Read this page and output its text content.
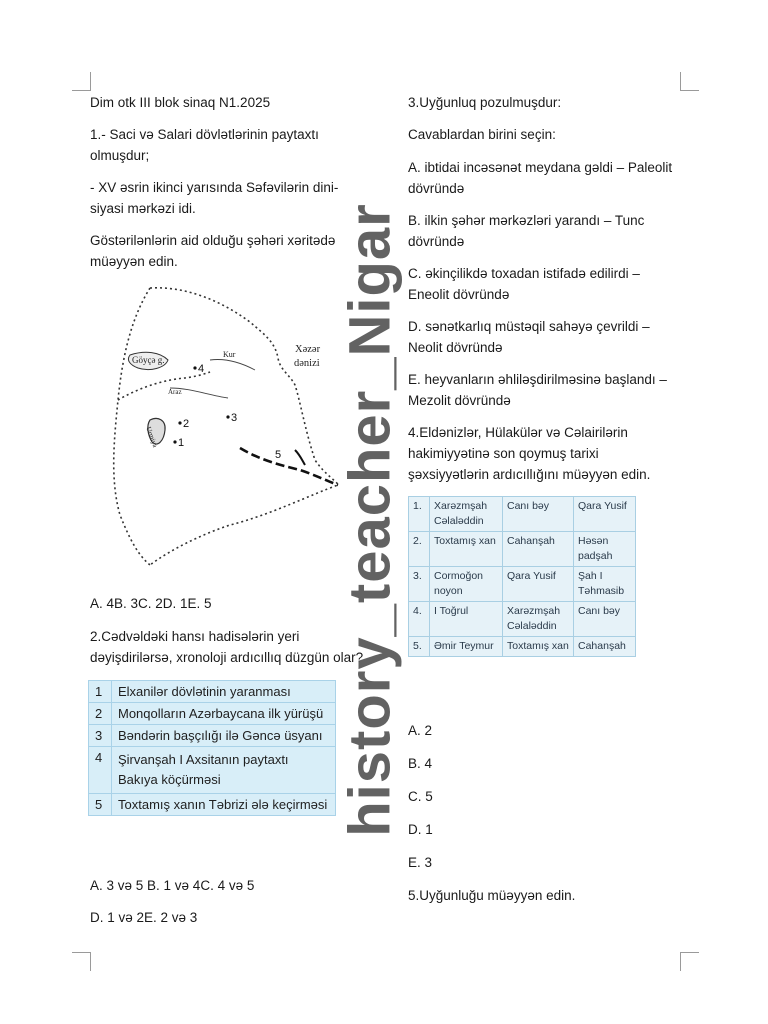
Dim otk III blok sinaq N1.2025
1.- Saci və Salari dövlətlərinin paytaxtı
olmuşdur;
- XV əsrin ikinci yarısında Səfəvilərin dini-
siyasi mərkəzi idi.
Göstərilənlərin aid olduğu şəhəri xəritədə
müəyyən edin.
Göyçə g.
Kur
Araz
Urmiya
Xəzər
dənizi
4
3
2
1
5
A. 4B. 3C. 2D. 1E. 5
2.Cədvəldəki hansı hadisələrin yeri
dəyişdirilərsə, xronoloji ardıcıllıq düzgün olar?
1	Elxanilər dövlətinin yaranması
2	Monqolların Azərbaycana ilk yürüşü
3	Bəndərin başçılığı ilə Gəncə üsyanı
4	Şirvanşah I Axsitanın paytaxtı Bakıya köçürməsi
5	Toxtamış xanın Təbrizi ələ keçirməsi
A. 3 və 5 B. 1 və 4C. 4 və 5
D. 1 və 2E. 2 və 3
3.Uyğunluq pozulmuşdur:
Cavablardan birini seçin:
A. ibtidai incəsənət meydana gəldi – Paleolit
dövründə
B. ilkin şəhər mərkəzləri yarandı – Tunc
dövründə
C. əkinçilikdə toxadan istifadə edilirdi –
Eneolit dövründə
D. sənətkarlıq müstəqil sahəyə çevrildi –
Neolit dövründə
E. heyvanların əhliləşdirilməsinə başlandı –
Mezolit dövründə
4.Eldənizlər, Hülakülər və Cəlairilərin
hakimiyyətinə son qoymuş tarixi
şəxsiyyətlərin ardıcıllığını müəyyən edin.
1.	Xarəzmşah Cəlaləddin	Canı bəy	Qara Yusif
2.	Toxtamış xan	Cahanşah	Həsən padşah
3.	Cormoğon noyon	Qara Yusif	Şah I Təhmasib
4.	I Toğrul	Xarəzmşah Cəlaləddin	Canı bəy
5.	Əmir Teymur	Toxtamış xan	Cahanşah
A. 2
B. 4
C. 5
D. 1
E. 3
5.Uyğunluğu müəyyən edin.
history_teacher_Nigar
